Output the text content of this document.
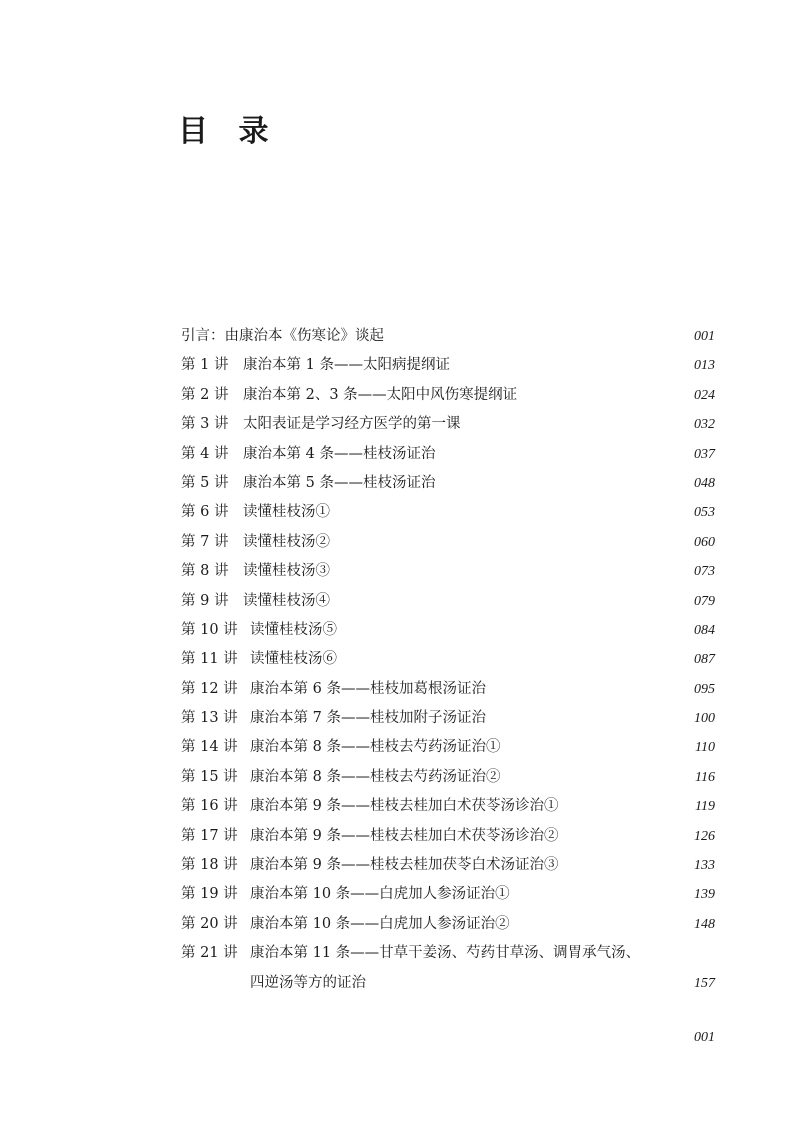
目 录
引言：由康治本《伤寒论》谈起	001
第 1 讲 康治本第 1 条——太阳病提纲证	013
第 2 讲 康治本第 2、3 条——太阳中风伤寒提纲证	024
第 3 讲 太阳表证是学习经方医学的第一课	032
第 4 讲 康治本第 4 条——桂枝汤证治	037
第 5 讲 康治本第 5 条——桂枝汤证治	048
第 6 讲 读懂桂枝汤①	053
第 7 讲 读懂桂枝汤②	060
第 8 讲 读懂桂枝汤③	073
第 9 讲 读懂桂枝汤④	079
第 10 讲 读懂桂枝汤⑤	084
第 11 讲 读懂桂枝汤⑥	087
第 12 讲 康治本第 6 条——桂枝加葛根汤证治	095
第 13 讲 康治本第 7 条——桂枝加附子汤证治	100
第 14 讲 康治本第 8 条——桂枝去芍药汤证治①	110
第 15 讲 康治本第 8 条——桂枝去芍药汤证治②	116
第 16 讲 康治本第 9 条——桂枝去桂加白术茯苓汤诊治①	119
第 17 讲 康治本第 9 条——桂枝去桂加白术茯苓汤诊治②	126
第 18 讲 康治本第 9 条——桂枝去桂加茯苓白术汤证治③	133
第 19 讲 康治本第 10 条——白虎加人参汤证治①	139
第 20 讲 康治本第 10 条——白虎加人参汤证治②	148
第 21 讲 康治本第 11 条——甘草干姜汤、芍药甘草汤、调胃承气汤、
四逆汤等方的证治	157
001
